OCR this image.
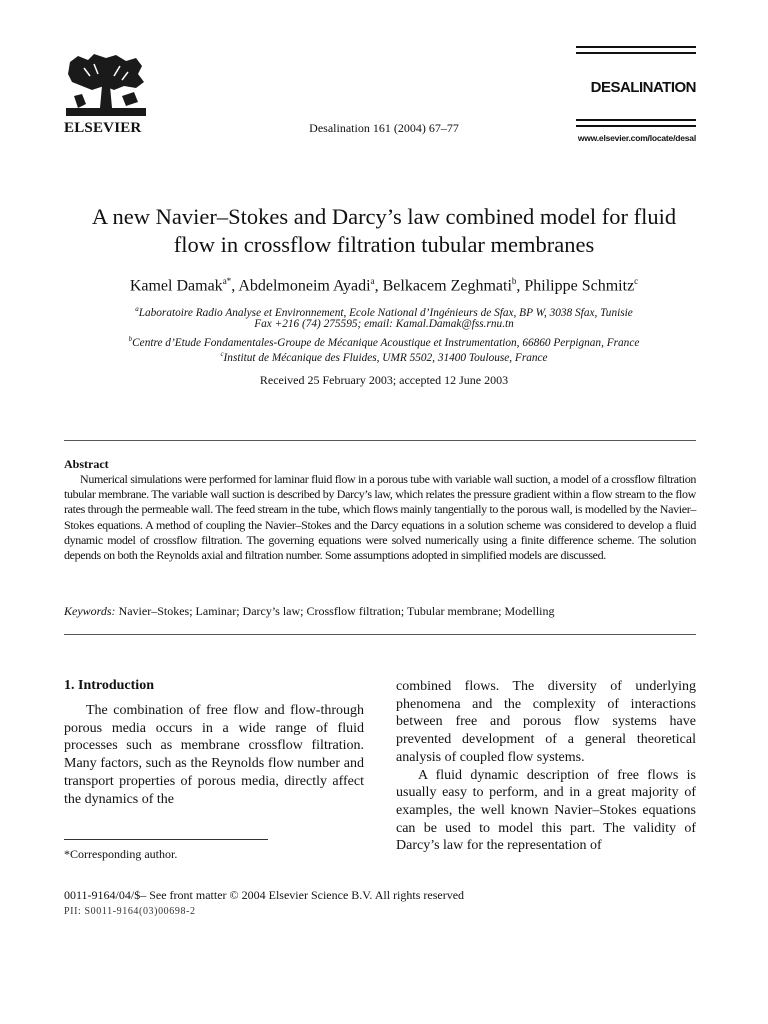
ELSEVIER	Desalination 161 (2004) 67–77
DESALINATION
www.elsevier.com/locate/desal
A new Navier–Stokes and Darcy’s law combined model for fluid
flow in crossflow filtration tubular membranes
Kamel Damak$^{a*}$, Abdelmoneim Ayadi$^a$, Belkacem Zeghmati$^b$, Philippe Schmitz$^c$
$^a$Laboratoire Radio Analyse et Environnement, Ecole National d’Ingénieurs de Sfax, BP W, 3038 Sfax, Tunisie
Fax +216 (74) 275595; email: Kamal.Damak@fss.rnu.tn
$^b$Centre d’Etude Fondamentales-Groupe de Mécanique Acoustique et Instrumentation, 66860 Perpignan, France
$^c$Institut de Mécanique des Fluides, UMR 5502, 31400 Toulouse, France
Received 25 February 2003; accepted 12 June 2003
Abstract
Numerical simulations were performed for laminar fluid flow in a porous tube with variable wall suction, a model of a crossflow filtration tubular membrane. The variable wall suction is described by Darcy’s law, which relates the pressure gradient within a flow stream to the flow rates through the permeable wall. The feed stream in the tube, which flows mainly tangentially to the porous wall, is modelled by the Navier–Stokes equations. A method of coupling the Navier–Stokes and the Darcy equations in a solution scheme was considered to develop a fluid dynamic model of crossflow filtration. The governing equations were solved numerically using a finite difference scheme. The solution depends on both the Reynolds axial and filtration number. Some assumptions adopted in simplified models are discussed.
Keywords: Navier–Stokes; Laminar; Darcy’s law; Crossflow filtration; Tubular membrane; Modelling
1. Introduction

The combination of free flow and flow-through porous media occurs in a wide range of fluid processes such as membrane crossflow filtration. Many factors, such as the Reynolds flow number and transport properties of porous media, directly affect the dynamics of the

combined flows. The diversity of underlying phenomena and the complexity of interactions between free and porous flow systems have prevented development of a general theoretical analysis of coupled flow systems.

A fluid dynamic description of free flows is usually easy to perform, and in a great majority of examples, the well known Navier–Stokes equations can be used to model this part. The validity of Darcy’s law for the representation of

*Corresponding author.
0011-9164/04/$– See front matter © 2004 Elsevier Science B.V. All rights reserved
PII: S0011-9164(03)00698-2
